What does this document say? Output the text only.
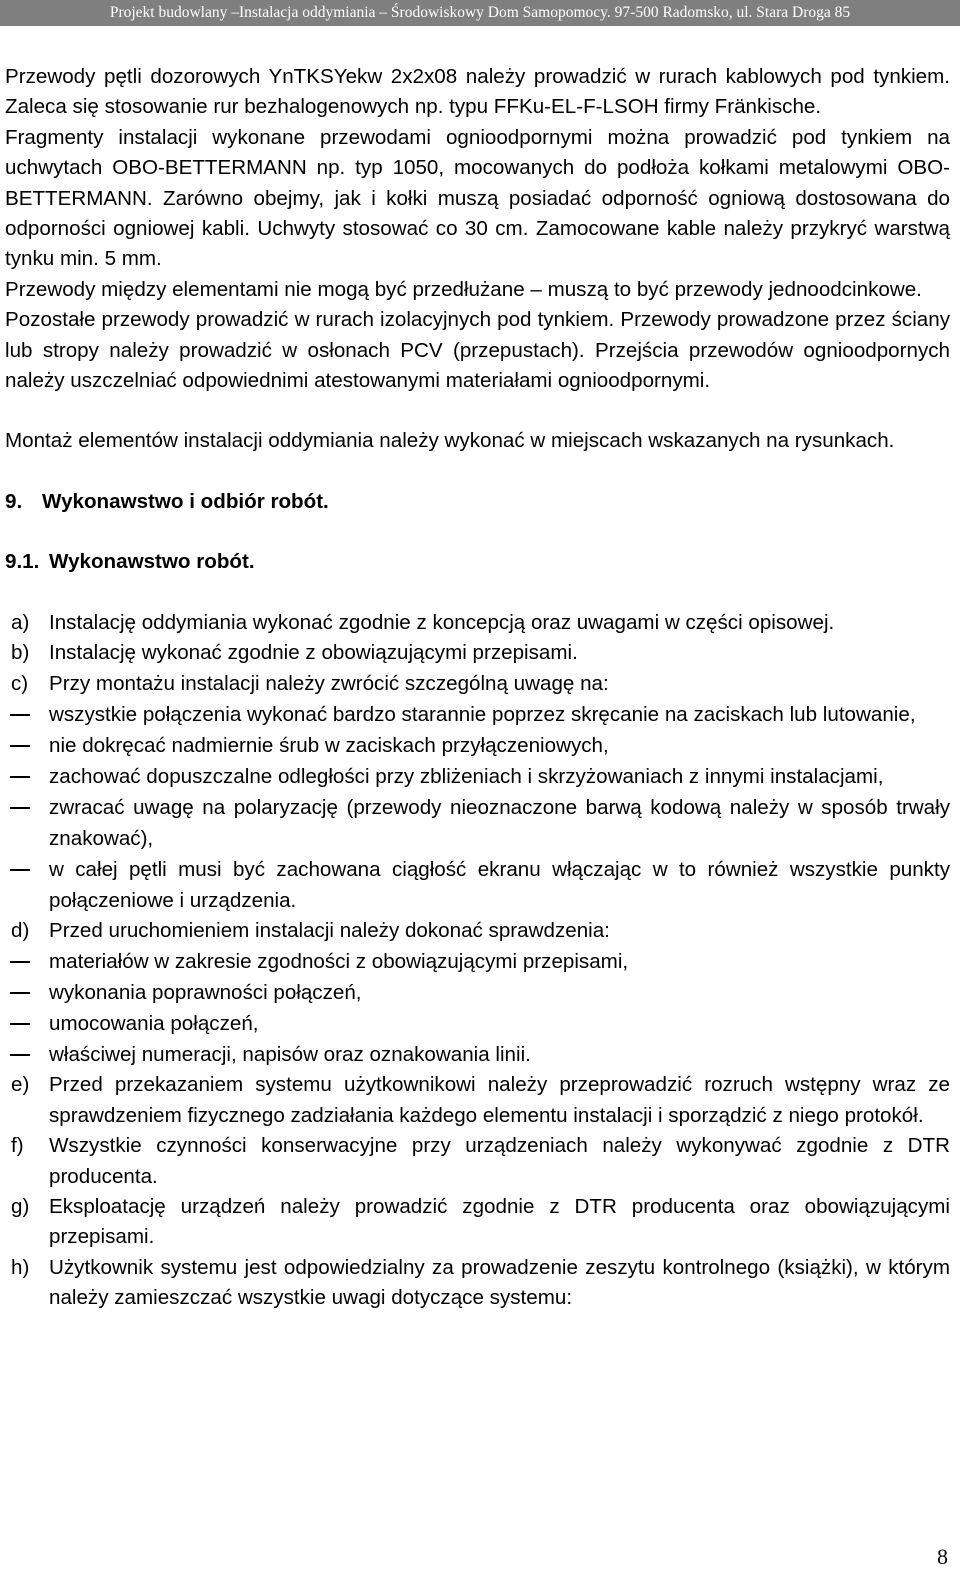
Projekt budowlany –Instalacja oddymiania – Środowiskowy Dom Samopomocy. 97-500 Radomsko, ul. Stara Droga 85

Przewody pętli dozorowych YnTKSYekw 2x2x08 należy prowadzić w rurach kablowych pod tynkiem. Zaleca się stosowanie rur bezhalogenowych np. typu FFKu-EL-F-LSOH firmy Fränkische.

Fragmenty instalacji wykonane przewodami ognioodpornymi można prowadzić pod tynkiem na uchwytach OBO-BETTERMANN np. typ 1050, mocowanych do podłoża kołkami metalowymi OBO-BETTERMANN. Zarówno obejmy, jak i kołki muszą posiadać odporność ogniową dostosowana do odporności ogniowej kabli. Uchwyty stosować co 30 cm. Zamocowane kable należy przykryć warstwą tynku min. 5 mm.

Przewody między elementami nie mogą być przedłużane – muszą to być przewody jednoodcinkowe.

Pozostałe przewody prowadzić w rurach izolacyjnych pod tynkiem. Przewody prowadzone przez ściany lub stropy należy prowadzić w osłonach PCV (przepustach). Przejścia przewodów ognioodpornych należy uszczelniać odpowiednimi atestowanymi materiałami ognioodpornymi.

Montaż elementów instalacji oddymiania należy wykonać w miejscach wskazanych na rysunkach.

9. Wykonawstwo i odbiór robót.
9.1. Wykonawstwo robót.
a) Instalację oddymiania wykonać zgodnie z koncepcją oraz uwagami w części opisowej.
b) Instalację wykonać zgodnie z obowiązującymi przepisami.
c) Przy montażu instalacji należy zwrócić szczególną uwagę na:
wszystkie połączenia wykonać bardzo starannie poprzez skręcanie na zaciskach lub lutowanie,
nie dokręcać nadmiernie śrub w zaciskach przyłączeniowych,
zachować dopuszczalne odległości przy zbliżeniach i skrzyżowaniach z innymi instalacjami,
zwracać uwagę na polaryzację (przewody nieoznaczone barwą kodową należy w sposób trwały znakować),
w całej pętli musi być zachowana ciągłość ekranu włączając w to również wszystkie punkty połączeniowe i urządzenia.
d) Przed uruchomieniem instalacji należy dokonać sprawdzenia:
materiałów w zakresie zgodności z obowiązującymi przepisami,
wykonania poprawności połączeń,
umocowania połączeń,
właściwej numeracji, napisów oraz oznakowania linii.
e) Przed przekazaniem systemu użytkownikowi należy przeprowadzić rozruch wstępny wraz ze sprawdzeniem fizycznego zadziałania każdego elementu instalacji i sporządzić z niego protokół.
f) Wszystkie czynności konserwacyjne przy urządzeniach należy wykonywać zgodnie z DTR producenta.
g) Eksploatację urządzeń należy prowadzić zgodnie z DTR producenta oraz obowiązującymi przepisami.
h) Użytkownik systemu jest odpowiedzialny za prowadzenie zeszytu kontrolnego (książki), w którym należy zamieszczać wszystkie uwagi dotyczące systemu:
8
